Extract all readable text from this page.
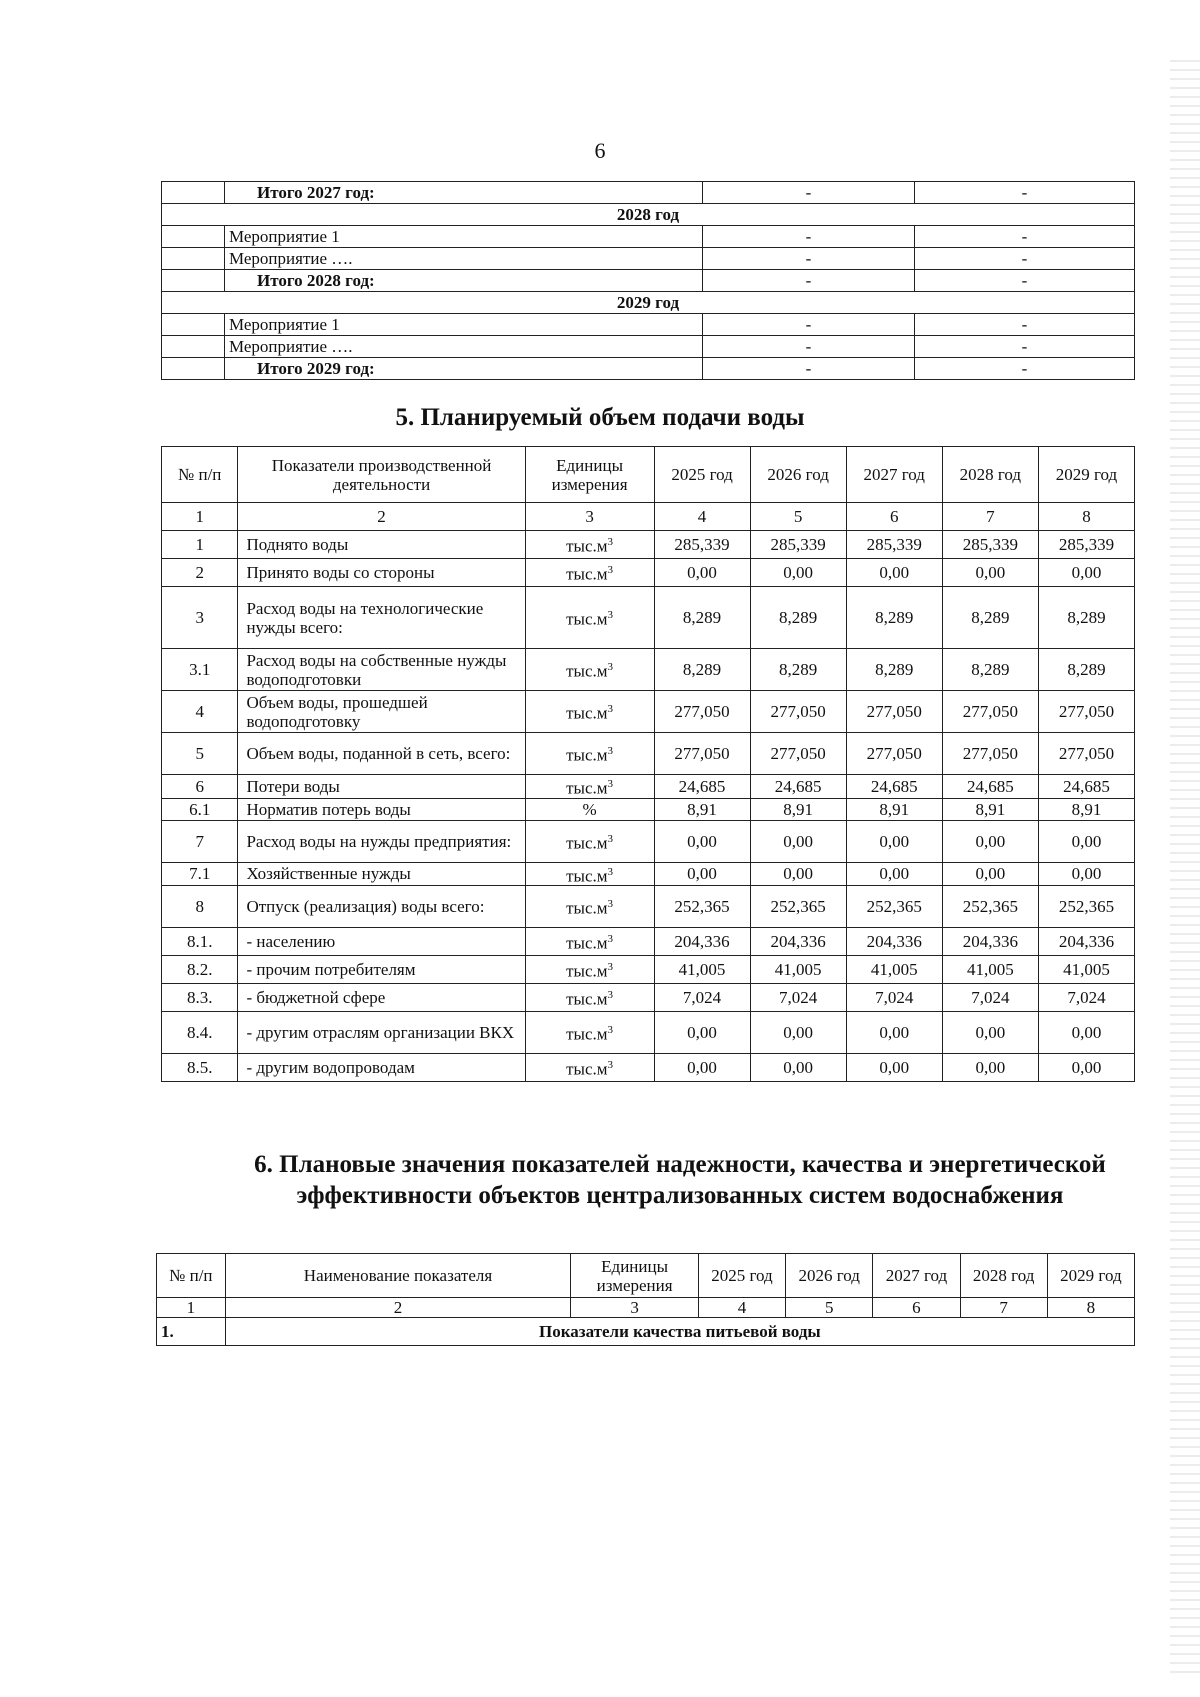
6
	Итого 2027 год:	-	-
2028 год			
	Мероприятие 1	-	-
	Мероприятие ….	-	-
	Итого 2028 год:	-	-
2029 год			
	Мероприятие 1	-	-
	Мероприятие ….	-	-
	Итого 2029 год:	-	-
5. Планируемый объем подачи воды
№ п/п	Показатели производственной деятельности	Единицы измерения	2025 год	2026 год	2027 год	2028 год	2029 год
1	2	3	4	5	6	7	8
1	Поднято воды	$тыс.м^3$	285,339	285,339	285,339	285,339	285,339
2	Принято воды со стороны	$тыс.м^3$	0,00	0,00	0,00	0,00	0,00
3	Расход воды на технологические нужды всего:	$тыс.м^3$	8,289	8,289	8,289	8,289	8,289
3.1	Расход воды на собственные нужды водоподготовки	$тыс.м^3$	8,289	8,289	8,289	8,289	8,289
4	Объем воды, прошедшей водоподготовку	$тыс.м^3$	277,050	277,050	277,050	277,050	277,050
5	Объем воды, поданной в сеть, всего:	$тыс.м^3$	277,050	277,050	277,050	277,050	277,050
6	Потери воды	$тыс.м^3$	24,685	24,685	24,685	24,685	24,685
6.1	Норматив потерь воды	%	8,91	8,91	8,91	8,91	8,91
7	Расход воды на нужды предприятия:	$тыс.м^3$	0,00	0,00	0,00	0,00	0,00
7.1	Хозяйственные нужды	$тыс.м^3$	0,00	0,00	0,00	0,00	0,00
8	Отпуск (реализация) воды всего:	$тыс.м^3$	252,365	252,365	252,365	252,365	252,365
8.1.	- населению	$тыс.м^3$	204,336	204,336	204,336	204,336	204,336
8.2.	- прочим потребителям	$тыс.м^3$	41,005	41,005	41,005	41,005	41,005
8.3.	- бюджетной сфере	$тыс.м^3$	7,024	7,024	7,024	7,024	7,024
8.4.	- другим отраслям организации ВКХ	$тыс.м^3$	0,00	0,00	0,00	0,00	0,00
8.5.	- другим водопроводам	$тыс.м^3$	0,00	0,00	0,00	0,00	0,00
6. Плановые значения показателей надежности, качества и энергетической эффективности объектов централизованных систем водоснабжения
№ п/п	Наименование показателя	Единицы измерения	2025 год	2026 год	2027 год	2028 год	2029 год
1	2	3	4	5	6	7	8
1.	Показатели качества питьевой воды						
